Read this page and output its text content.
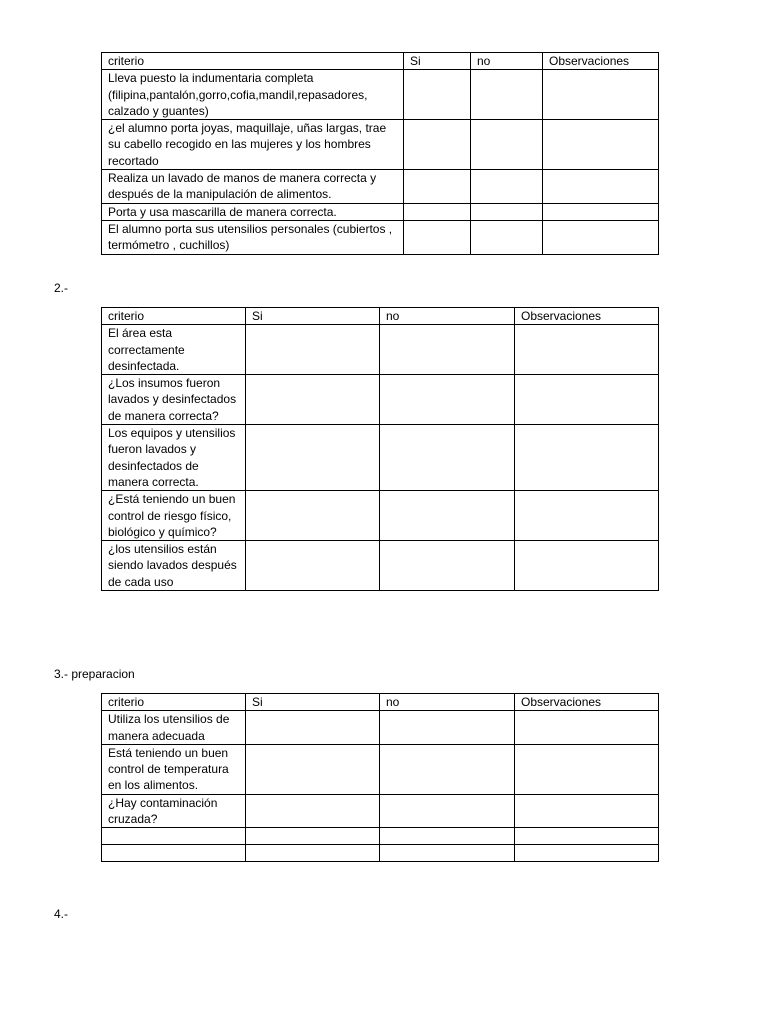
criterio	Si	no	Observaciones
Lleva puesto la indumentaria completa (filipina,pantalón,gorro,cofia,mandil,repasadores, calzado y guantes)			
¿el alumno porta joyas, maquillaje, uñas largas, trae su cabello recogido en las mujeres y los hombres recortado			
Realiza un lavado de manos de manera correcta y después de la manipulación de alimentos.			
Porta y usa mascarilla de manera correcta.			
El alumno porta sus utensilios personales (cubiertos , termómetro , cuchillos)			
2.-
criterio	Si	no	Observaciones
El área esta correctamente desinfectada.			
¿Los insumos fueron lavados y desinfectados de manera correcta?			
Los equipos y utensilios fueron lavados y desinfectados de manera correcta.			
¿Está teniendo un buen control de riesgo físico, biológico y químico?			
¿los utensilios están siendo lavados después de cada uso			
3.- preparacion
criterio	Si	no	Observaciones
Utiliza los utensilios de manera adecuada			
Está teniendo un buen control de temperatura en los alimentos.			
¿Hay contaminación cruzada?			

4.-
